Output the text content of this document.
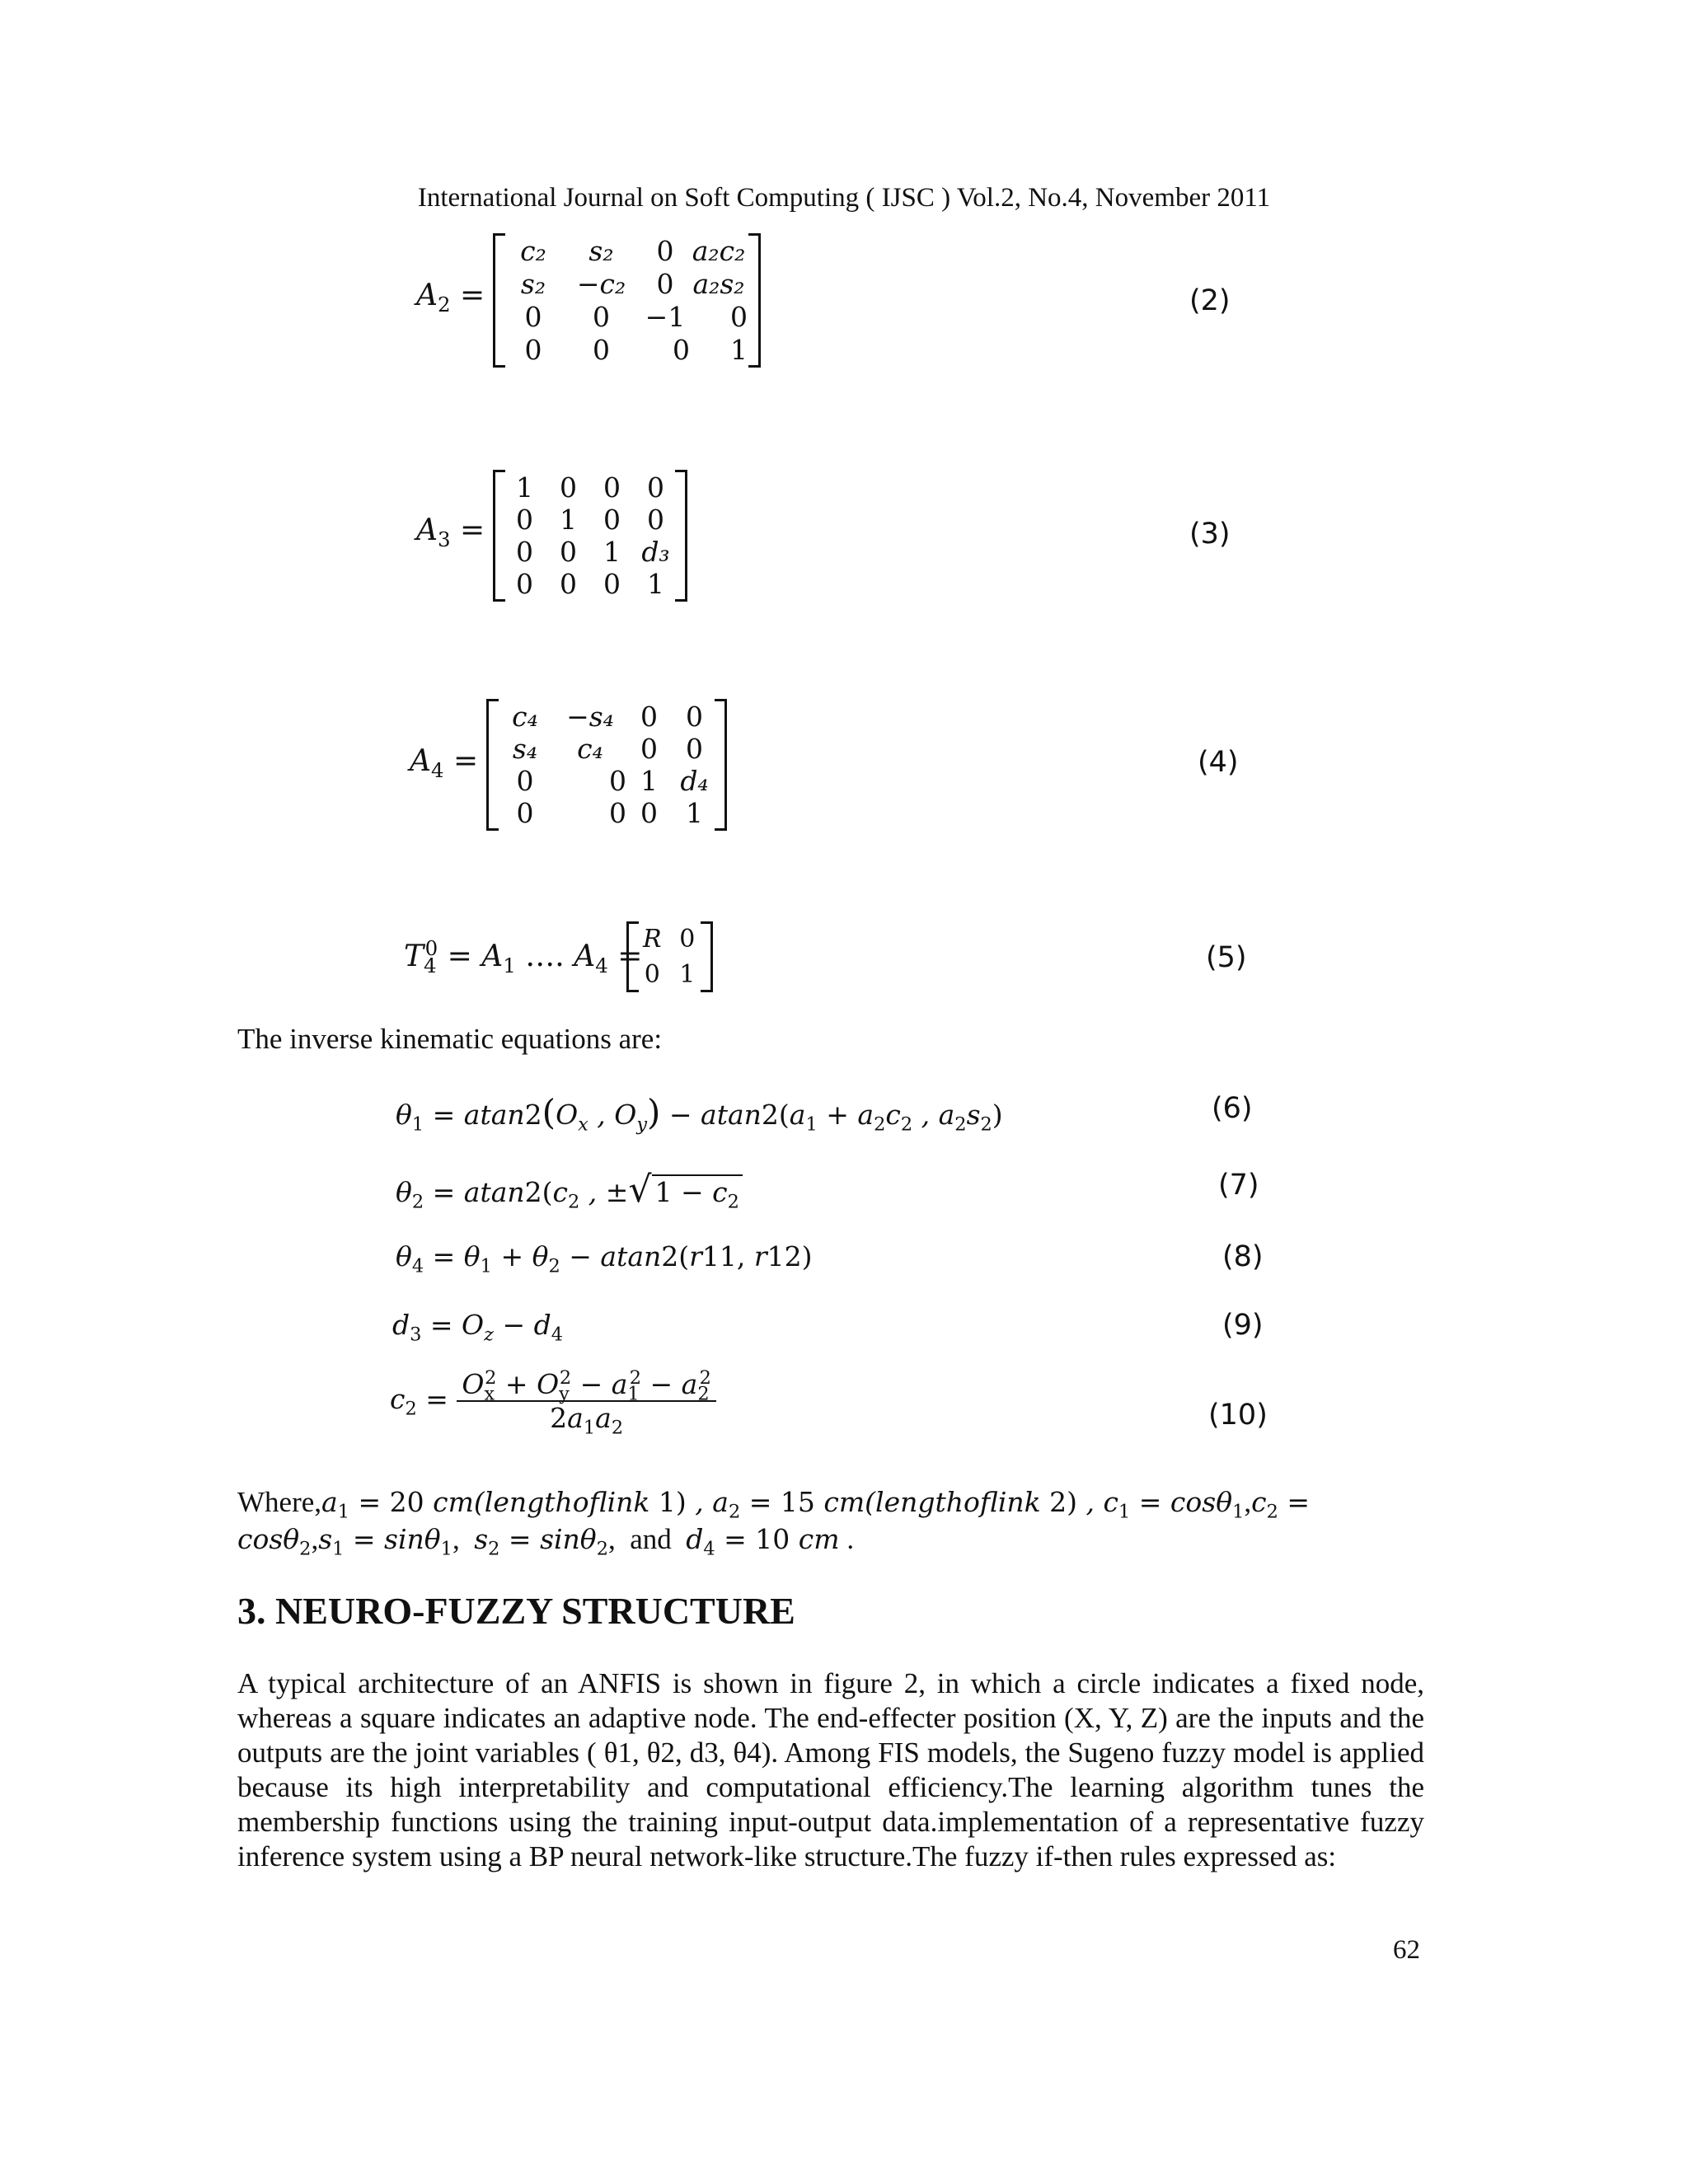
International Journal on Soft Computing ( IJSC ) Vol.2, No.4, November 2011
$A_2$ =
c₂	s₂	0 a₂c₂
s₂	−c₂	0 a₂s₂
0	0	−1	0
0	0	0	1
(2)
$A_3$ =
1 0 0 0
0 1 0 0
0 0 1 d₃
0 0 0 1
(3)
$A_4$ =
c₄	−s₄ 0	0
s₄	c₄	0	0
0	0 1 d₄
0	0 0	1
(4)
$T_4^0 = A_1$ …. $A_4$ =
R 0
0 1
(5)
The inverse kinematic equations are:
$\theta_1 = atan2(O_x$ , $O_y) - atan2(a_1 + a_2c_2$ , $a_2s_2$)	(6)
$\theta_2 = atan2(c_2$ , ±√ $1 - c_2$
(7)
$\theta_4 = \theta_1 + \theta_2 - atan2(r11$, r12)	(8)
$d_3 = O_z - d_4$	(9)
$c_2 = \frac{O_x^2 + O_y^2 - a_1^2 - a_2^2}{2a_1a_2}$	(10)
$Where,a_1 = 20$ cm(lengthoflink 1) , $a_2 = 15$ cm(lengthoflink 2) , $c_1 = \cos\theta_1,c_2$ =
$\cos\theta_2,s_1 = \sin\theta_1$,  $s_2 = \sin\theta_2$,  and  $d_4 = 10$ cm .
3. NEURO-FUZZY STRUCTURE

A typical architecture of an ANFIS is shown in figure 2, in which a circle indicates a fixed node, whereas a square indicates an adaptive node. The end-effecter position (X, Y, Z) are the inputs and the outputs are the joint variables ( θ1, θ2, d3, θ4). Among FIS models, the Sugeno fuzzy model is applied because its high interpretability and computational efficiency.The learning algorithm tunes the membership functions using the training input-output data.implementation of a representative fuzzy inference system using a BP neural network-like structure.The fuzzy if-then rules expressed as:

62
